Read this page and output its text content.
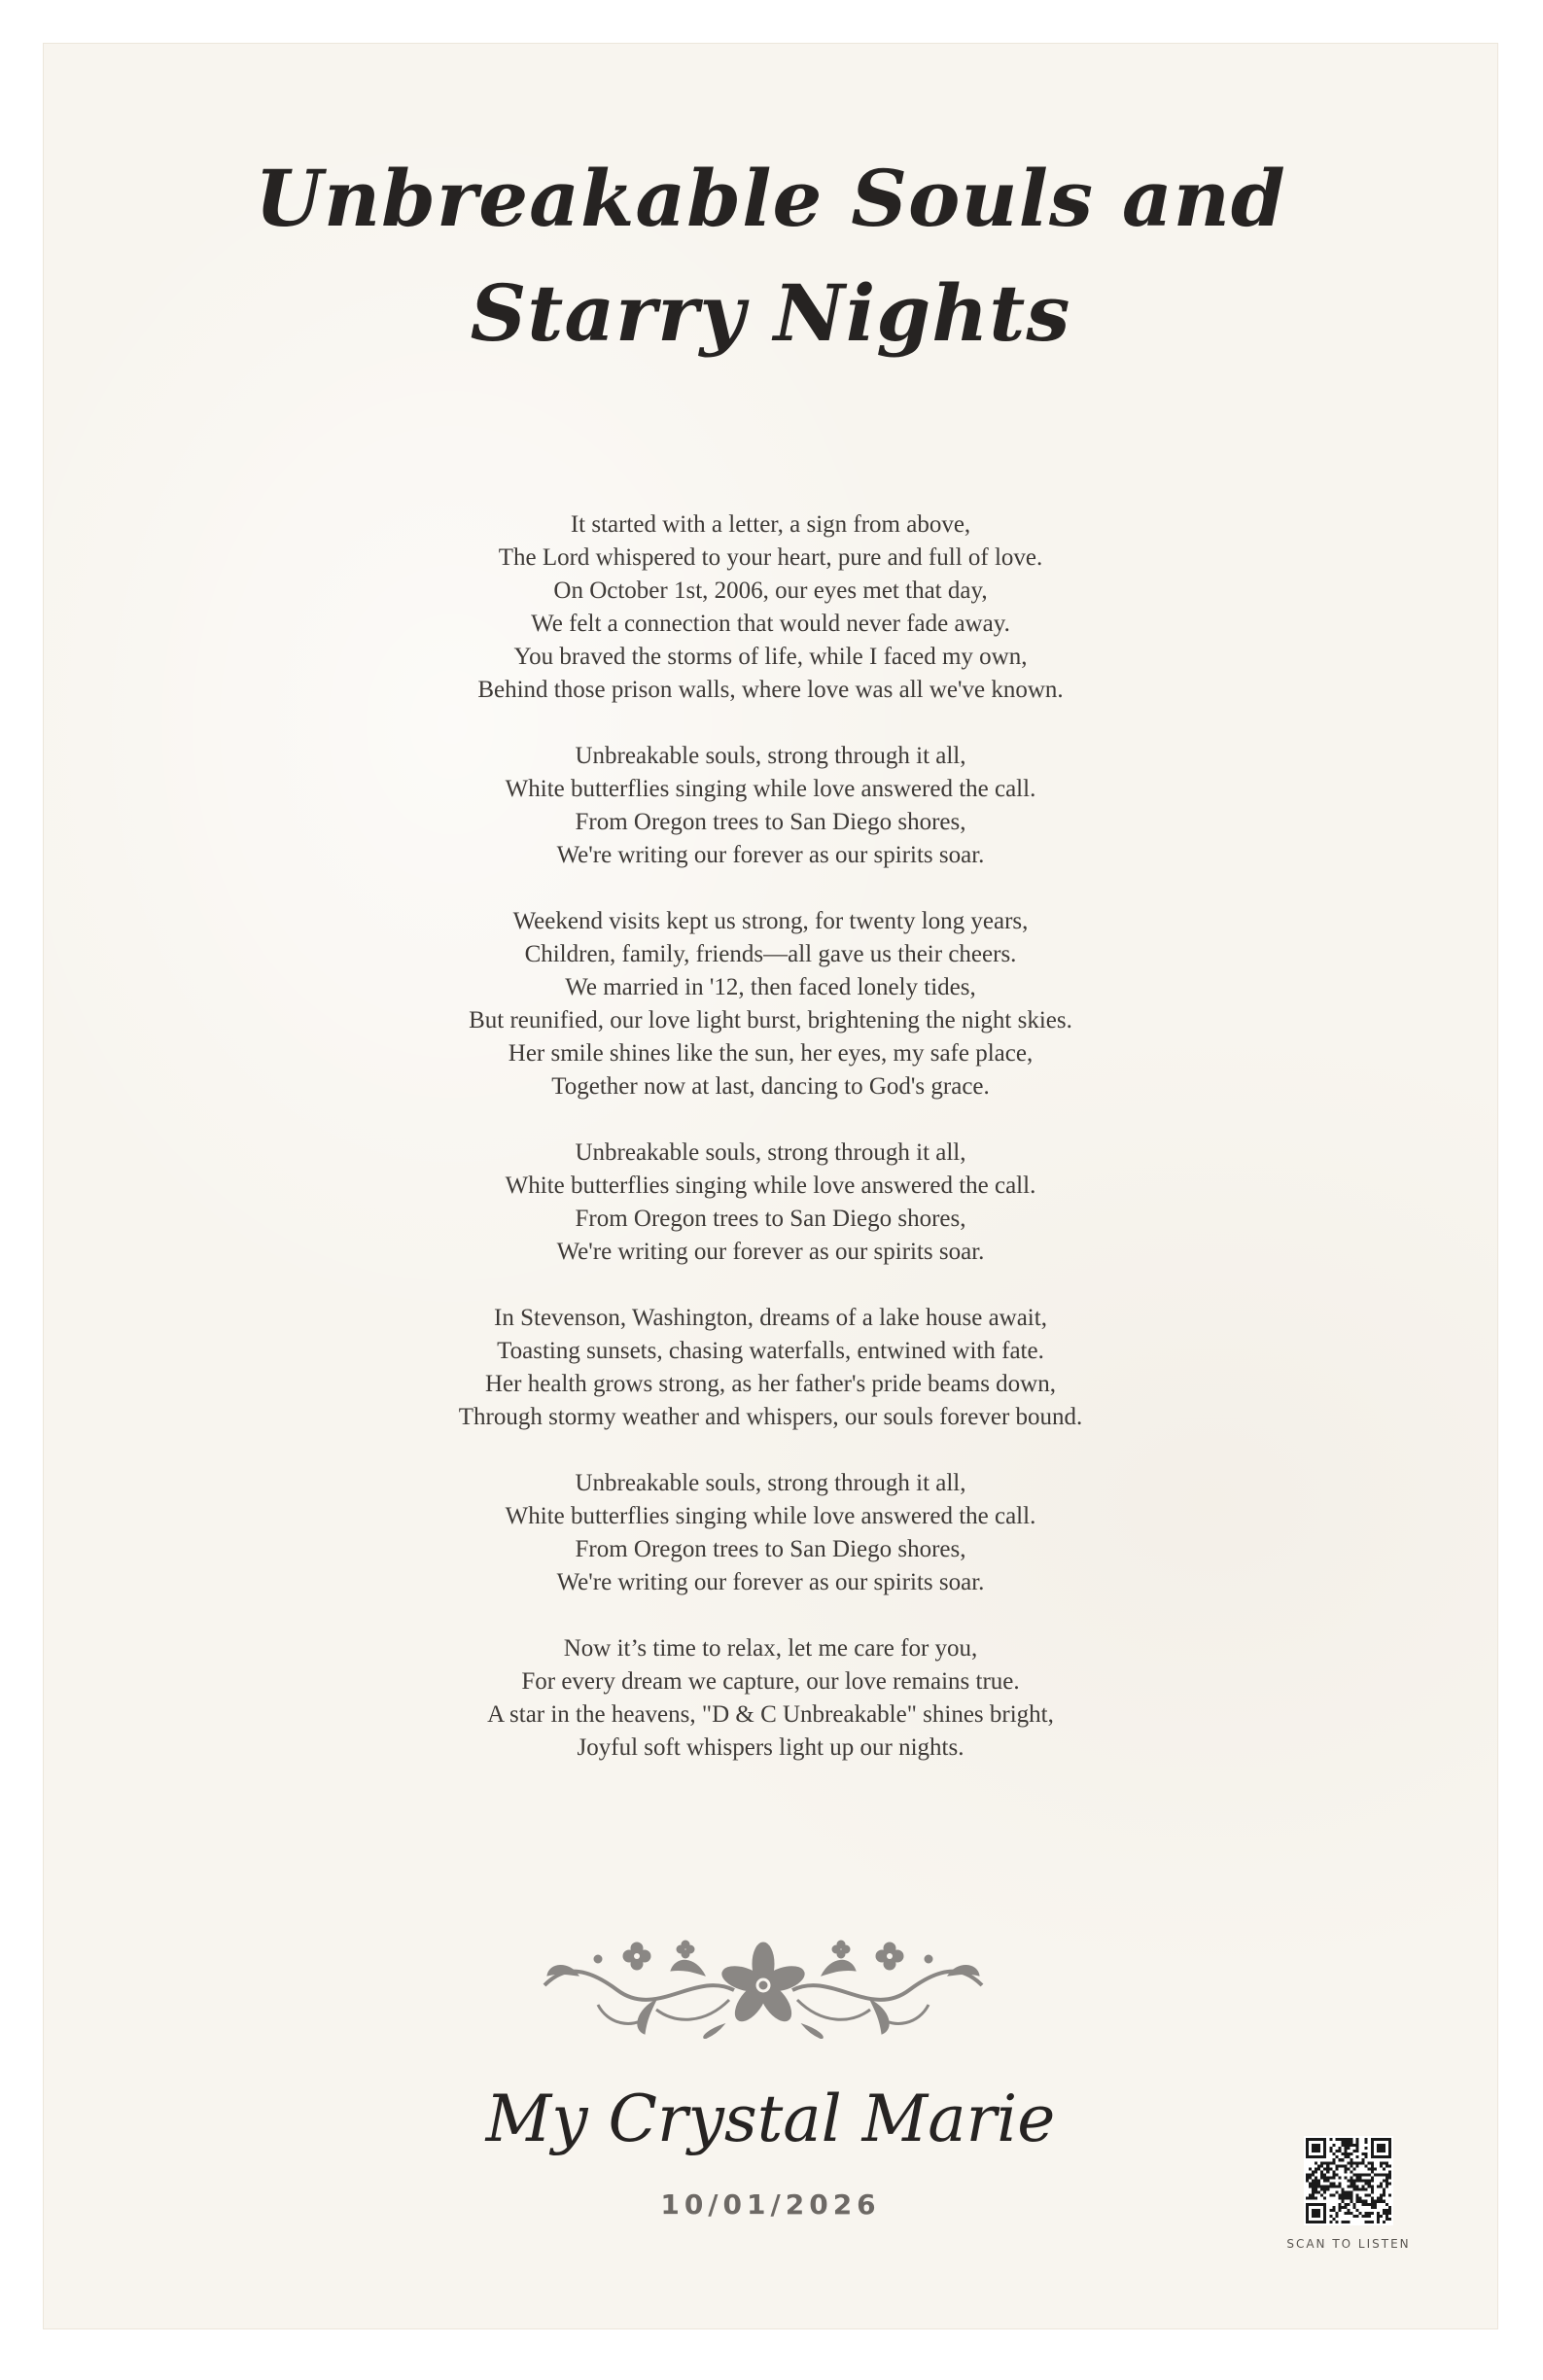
Unbreakable Souls and Starry Nights
It started with a letter, a sign from above,
The Lord whispered to your heart, pure and full of love.
On October 1st, 2006, our eyes met that day,
We felt a connection that would never fade away.
You braved the storms of life, while I faced my own,
Behind those prison walls, where love was all we've known.
Unbreakable souls, strong through it all,
White butterflies singing while love answered the call.
From Oregon trees to San Diego shores,
We're writing our forever as our spirits soar.
Weekend visits kept us strong, for twenty long years,
Children, family, friends—all gave us their cheers.
We married in '12, then faced lonely tides,
But reunified, our love light burst, brightening the night skies.
Her smile shines like the sun, her eyes, my safe place,
Together now at last, dancing to God's grace.
Unbreakable souls, strong through it all,
White butterflies singing while love answered the call.
From Oregon trees to San Diego shores,
We're writing our forever as our spirits soar.
In Stevenson, Washington, dreams of a lake house await,
Toasting sunsets, chasing waterfalls, entwined with fate.
Her health grows strong, as her father's pride beams down,
Through stormy weather and whispers, our souls forever bound.
Unbreakable souls, strong through it all,
White butterflies singing while love answered the call.
From Oregon trees to San Diego shores,
We're writing our forever as our spirits soar.
Now it’s time to relax, let me care for you,
For every dream we capture, our love remains true.
A star in the heavens, "D & C Unbreakable" shines bright,
Joyful soft whispers light up our nights.
My Crystal Marie
10/01/2026
SCAN TO LISTEN
